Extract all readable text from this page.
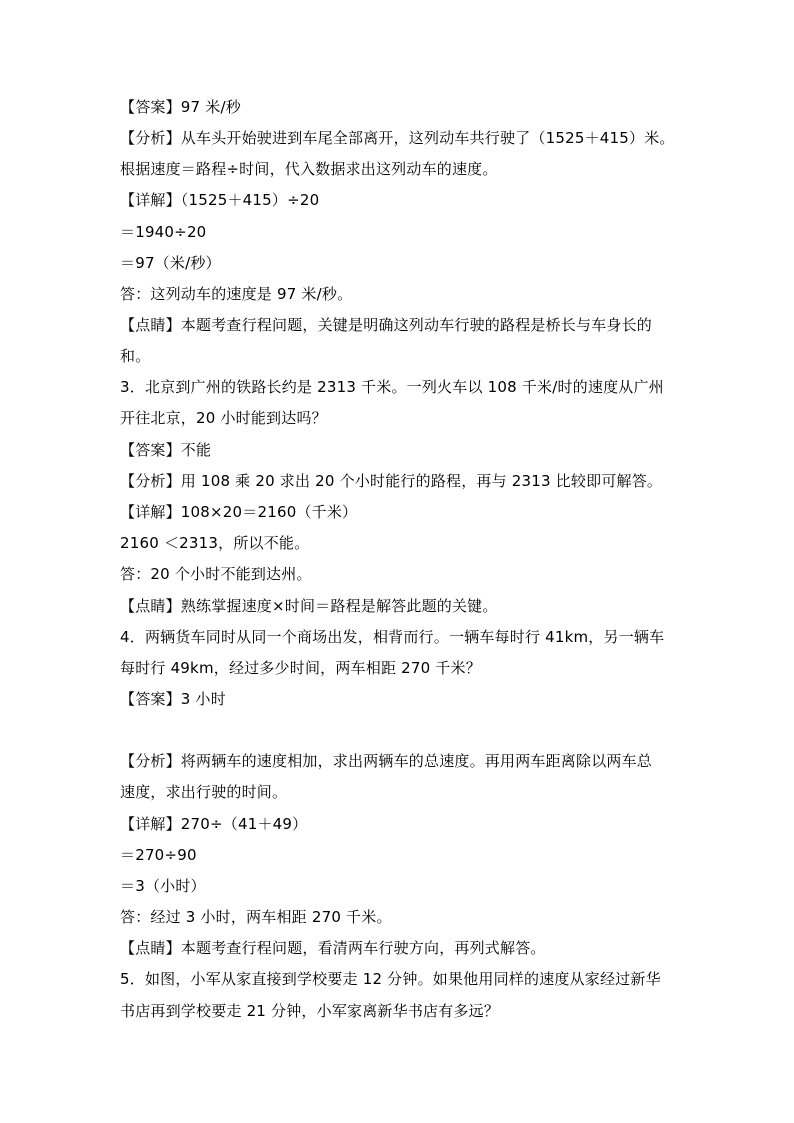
【答案】97 米/秒
【分析】从车头开始驶进到车尾全部离开，这列动车共行驶了（1525＋415）米。
根据速度＝路程÷时间，代入数据求出这列动车的速度。
【详解】（1525＋415）÷20
＝1940÷20
＝97（米/秒）
答：这列动车的速度是 97 米/秒。
【点睛】本题考查行程问题，关键是明确这列动车行驶的路程是桥长与车身长的
和。
3．北京到广州的铁路长约是 2313 千米。一列火车以 108 千米/时的速度从广州
开往北京，20 小时能到达吗？
【答案】不能
【分析】用 108 乘 20 求出 20 个小时能行的路程，再与 2313 比较即可解答。
【详解】108×20＝2160（千米）
2160 ＜2313，所以不能。
答：20 个小时不能到达州。
【点睛】熟练掌握速度×时间＝路程是解答此题的关键。
4．两辆货车同时从同一个商场出发，相背而行。一辆车每时行 41km，另一辆车
每时行 49km，经过多少时间，两车相距 270 千米？
【答案】3 小时
【分析】将两辆车的速度相加，求出两辆车的总速度。再用两车距离除以两车总
速度，求出行驶的时间。
【详解】270÷（41＋49）
＝270÷90
＝3（小时）
答：经过 3 小时，两车相距 270 千米。
【点睛】本题考查行程问题，看清两车行驶方向，再列式解答。
5．如图，小军从家直接到学校要走 12 分钟。如果他用同样的速度从家经过新华
书店再到学校要走 21 分钟，小军家离新华书店有多远？
